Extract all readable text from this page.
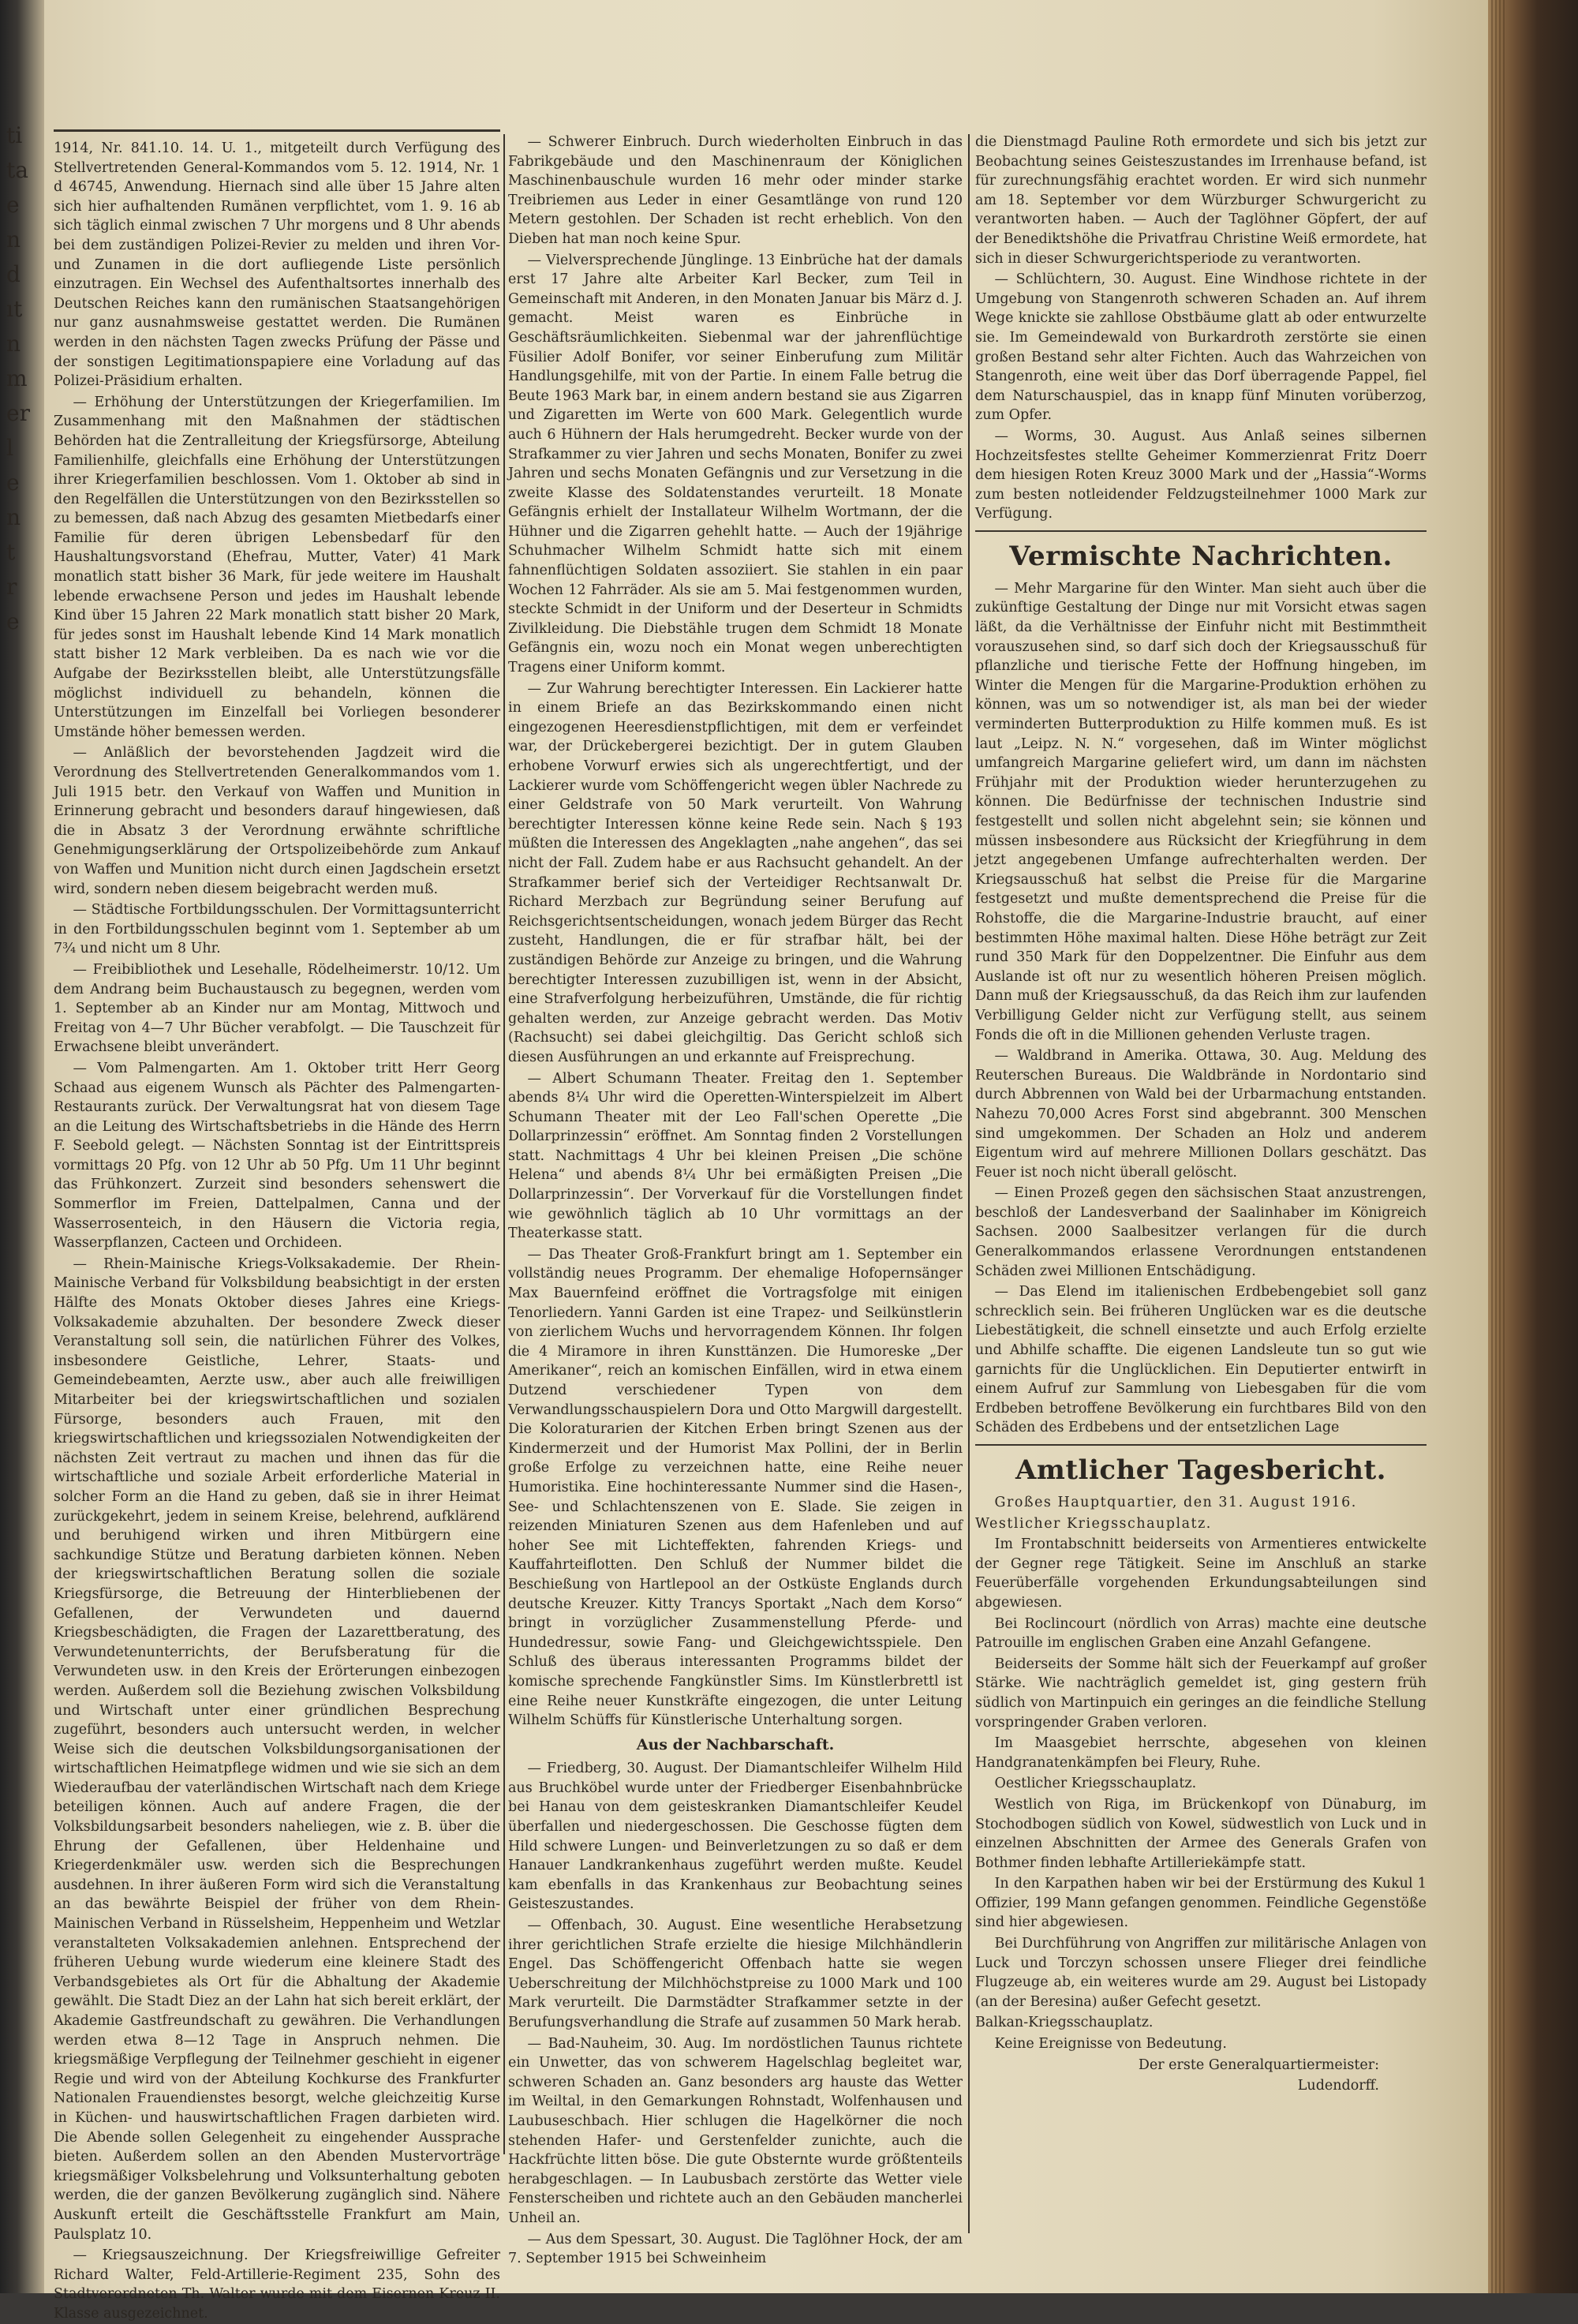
ti
ta
e
n
d
ıt
n
m
er
l
e
n
t
r
e

1914, Nr. 841.10. 14. U. 1., mitgeteilt durch Verfügung des Stellvertretenden General-Kommandos vom 5. 12. 1914, Nr. 1 d 46745, Anwendung. Hiernach sind alle über 15 Jahre alten sich hier aufhaltenden Rumänen verpflichtet, vom 1. 9. 16 ab sich täglich einmal zwischen 7 Uhr morgens und 8 Uhr abends bei dem zuständigen Polizei-Revier zu melden und ihren Vor- und Zunamen in die dort aufliegende Liste persönlich einzutragen. Ein Wechsel des Aufenthaltsortes innerhalb des Deutschen Reiches kann den rumänischen Staatsangehörigen nur ganz ausnahmsweise gestattet werden. Die Rumänen werden in den nächsten Tagen zwecks Prüfung der Pässe und der sonstigen Legitimationspapiere eine Vorladung auf das Polizei-Präsidium erhalten.

— Erhöhung der Unterstützungen der Kriegerfamilien. Im Zusammenhang mit den Maßnahmen der städtischen Behörden hat die Zentralleitung der Kriegsfürsorge, Abteilung Familienhilfe, gleichfalls eine Erhöhung der Unterstützungen ihrer Kriegerfamilien beschlossen. Vom 1. Oktober ab sind in den Regelfällen die Unterstützungen von den Bezirksstellen so zu bemessen, daß nach Abzug des gesamten Mietbedarfs einer Familie für deren übrigen Lebensbedarf für den Haushaltungsvorstand (Ehefrau, Mutter, Vater) 41 Mark monatlich statt bisher 36 Mark, für jede weitere im Haushalt lebende erwachsene Person und jedes im Haushalt lebende Kind über 15 Jahren 22 Mark monatlich statt bisher 20 Mark, für jedes sonst im Haushalt lebende Kind 14 Mark monatlich statt bisher 12 Mark verbleiben. Da es nach wie vor die Aufgabe der Bezirksstellen bleibt, alle Unterstützungsfälle möglichst individuell zu behandeln, können die Unterstützungen im Einzelfall bei Vorliegen besonderer Umstände höher bemessen werden.

— Anläßlich der bevorstehenden Jagdzeit wird die Verordnung des Stellvertretenden Generalkommandos vom 1. Juli 1915 betr. den Verkauf von Waffen und Munition in Erinnerung gebracht und besonders darauf hingewiesen, daß die in Absatz 3 der Verordnung erwähnte schriftliche Genehmigungserklärung der Ortspolizeibehörde zum Ankauf von Waffen und Munition nicht durch einen Jagdschein ersetzt wird, sondern neben diesem beigebracht werden muß.

— Städtische Fortbildungsschulen. Der Vormittagsunterricht in den Fortbildungsschulen beginnt vom 1. September ab um 7¾ und nicht um 8 Uhr.

— Freibibliothek und Lesehalle, Rödelheimerstr. 10/12. Um dem Andrang beim Buchaustausch zu begegnen, werden vom 1. September ab an Kinder nur am Montag, Mittwoch und Freitag von 4—7 Uhr Bücher verabfolgt. — Die Tauschzeit für Erwachsene bleibt unverändert.

— Vom Palmengarten. Am 1. Oktober tritt Herr Georg Schaad aus eigenem Wunsch als Pächter des Palmengarten-Restaurants zurück. Der Verwaltungsrat hat von diesem Tage an die Leitung des Wirtschaftsbetriebs in die Hände des Herrn F. Seebold gelegt. — Nächsten Sonntag ist der Eintrittspreis vormittags 20 Pfg. von 12 Uhr ab 50 Pfg. Um 11 Uhr beginnt das Frühkonzert. Zurzeit sind besonders sehenswert die Sommerflor im Freien, Dattelpalmen, Canna und der Wasserrosenteich, in den Häusern die Victoria regia, Wasserpflanzen, Cacteen und Orchideen.

— Rhein-Mainische Kriegs-Volksakademie. Der Rhein-Mainische Verband für Volksbildung beabsichtigt in der ersten Hälfte des Monats Oktober dieses Jahres eine Kriegs-Volksakademie abzuhalten. Der besondere Zweck dieser Veranstaltung soll sein, die natürlichen Führer des Volkes, insbesondere Geistliche, Lehrer, Staats- und Gemeindebeamten, Aerzte usw., aber auch alle freiwilligen Mitarbeiter bei der kriegswirtschaftlichen und sozialen Fürsorge, besonders auch Frauen, mit den kriegswirtschaftlichen und kriegssozialen Notwendigkeiten der nächsten Zeit vertraut zu machen und ihnen das für die wirtschaftliche und soziale Arbeit erforderliche Material in solcher Form an die Hand zu geben, daß sie in ihrer Heimat zurückgekehrt, jedem in seinem Kreise, belehrend, aufklärend und beruhigend wirken und ihren Mitbürgern eine sachkundige Stütze und Beratung darbieten können. Neben der kriegswirtschaftlichen Beratung sollen die soziale Kriegsfürsorge, die Betreuung der Hinterbliebenen der Gefallenen, der Verwundeten und dauernd Kriegsbeschädigten, die Fragen der Lazarettberatung, des Verwundetenunterrichts, der Berufsberatung für die Verwundeten usw. in den Kreis der Erörterungen einbezogen werden. Außerdem soll die Beziehung zwischen Volksbildung und Wirtschaft unter einer gründlichen Besprechung zugeführt, besonders auch untersucht werden, in welcher Weise sich die deutschen Volksbildungsorganisationen der wirtschaftlichen Heimatpflege widmen und wie sie sich an dem Wiederaufbau der vaterländischen Wirtschaft nach dem Kriege beteiligen können. Auch auf andere Fragen, die der Volksbildungsarbeit besonders naheliegen, wie z. B. über die Ehrung der Gefallenen, über Heldenhaine und Kriegerdenkmäler usw. werden sich die Besprechungen ausdehnen. In ihrer äußeren Form wird sich die Veranstaltung an das bewährte Beispiel der früher von dem Rhein-Mainischen Verband in Rüsselsheim, Heppenheim und Wetzlar veranstalteten Volksakademien anlehnen. Entsprechend der früheren Uebung wurde wiederum eine kleinere Stadt des Verbandsgebietes als Ort für die Abhaltung der Akademie gewählt. Die Stadt Diez an der Lahn hat sich bereit erklärt, der Akademie Gastfreundschaft zu gewähren. Die Verhandlungen werden etwa 8—12 Tage in Anspruch nehmen. Die kriegsmäßige Verpflegung der Teilnehmer geschieht in eigener Regie und wird von der Abteilung Kochkurse des Frankfurter Nationalen Frauendienstes besorgt, welche gleichzeitig Kurse in Küchen- und hauswirtschaftlichen Fragen darbieten wird. Die Abende sollen Gelegenheit zu eingehender Aussprache bieten. Außerdem sollen an den Abenden Mustervorträge kriegsmäßiger Volksbelehrung und Volksunterhaltung geboten werden, die der ganzen Bevölkerung zugänglich sind. Nähere Auskunft erteilt die Geschäftsstelle Frankfurt am Main, Paulsplatz 10.

— Kriegsauszeichnung. Der Kriegsfreiwillige Gefreiter Richard Walter, Feld-Artillerie-Regiment 235, Sohn des Stadtverordneten Th. Walter wurde mit dem Eisernen Kreuz II. Klasse ausgezeichnet.

— Schwerer Einbruch. Durch wiederholten Einbruch in das Fabrikgebäude und den Maschinenraum der Königlichen Maschinenbauschule wurden 16 mehr oder minder starke Treibriemen aus Leder in einer Gesamtlänge von rund 120 Metern gestohlen. Der Schaden ist recht erheblich. Von den Dieben hat man noch keine Spur.

— Vielversprechende Jünglinge. 13 Einbrüche hat der damals erst 17 Jahre alte Arbeiter Karl Becker, zum Teil in Gemeinschaft mit Anderen, in den Monaten Januar bis März d. J. gemacht. Meist waren es Einbrüche in Geschäftsräumlichkeiten. Siebenmal war der jahrenflüchtige Füsilier Adolf Bonifer, vor seiner Einberufung zum Militär Handlungsgehilfe, mit von der Partie. In einem Falle betrug die Beute 1963 Mark bar, in einem andern bestand sie aus Zigarren und Zigaretten im Werte von 600 Mark. Gelegentlich wurde auch 6 Hühnern der Hals herumgedreht. Becker wurde von der Strafkammer zu vier Jahren und sechs Monaten, Bonifer zu zwei Jahren und sechs Monaten Gefängnis und zur Versetzung in die zweite Klasse des Soldatenstandes verurteilt. 18 Monate Gefängnis erhielt der Installateur Wilhelm Wortmann, der die Hühner und die Zigarren gehehlt hatte. — Auch der 19jährige Schuhmacher Wilhelm Schmidt hatte sich mit einem fahnenflüchtigen Soldaten assoziiert. Sie stahlen in ein paar Wochen 12 Fahrräder. Als sie am 5. Mai festgenommen wurden, steckte Schmidt in der Uniform und der Deserteur in Schmidts Zivilkleidung. Die Diebstähle trugen dem Schmidt 18 Monate Gefängnis ein, wozu noch ein Monat wegen unberechtigten Tragens einer Uniform kommt.

— Zur Wahrung berechtigter Interessen. Ein Lackierer hatte in einem Briefe an das Bezirkskommando einen nicht eingezogenen Heeresdienstpflichtigen, mit dem er verfeindet war, der Drückebergerei bezichtigt. Der in gutem Glauben erhobene Vorwurf erwies sich als ungerechtfertigt, und der Lackierer wurde vom Schöffengericht wegen übler Nachrede zu einer Geldstrafe von 50 Mark verurteilt. Von Wahrung berechtigter Interessen könne keine Rede sein. Nach § 193 müßten die Interessen des Angeklagten „nahe angehen“, das sei nicht der Fall. Zudem habe er aus Rachsucht gehandelt. An der Strafkammer berief sich der Verteidiger Rechtsanwalt Dr. Richard Merzbach zur Begründung seiner Berufung auf Reichsgerichtsentscheidungen, wonach jedem Bürger das Recht zusteht, Handlungen, die er für strafbar hält, bei der zuständigen Behörde zur Anzeige zu bringen, und die Wahrung berechtigter Interessen zuzubilligen ist, wenn in der Absicht, eine Strafverfolgung herbeizuführen, Umstände, die für richtig gehalten werden, zur Anzeige gebracht werden. Das Motiv (Rachsucht) sei dabei gleichgiltig. Das Gericht schloß sich diesen Ausführungen an und erkannte auf Freisprechung.

— Albert Schumann Theater. Freitag den 1. September abends 8¼ Uhr wird die Operetten-Winterspielzeit im Albert Schumann Theater mit der Leo Fall'schen Operette „Die Dollarprinzessin“ eröffnet. Am Sonntag finden 2 Vorstellungen statt. Nachmittags 4 Uhr bei kleinen Preisen „Die schöne Helena“ und abends 8¼ Uhr bei ermäßigten Preisen „Die Dollarprinzessin“. Der Vorverkauf für die Vorstellungen findet wie gewöhnlich täglich ab 10 Uhr vormittags an der Theaterkasse statt.

— Das Theater Groß-Frankfurt bringt am 1. September ein vollständig neues Programm. Der ehemalige Hofopernsänger Max Bauernfeind eröffnet die Vortragsfolge mit einigen Tenorliedern. Yanni Garden ist eine Trapez- und Seilkünstlerin von zierlichem Wuchs und hervorragendem Können. Ihr folgen die 4 Miramore in ihren Kunsttänzen. Die Humoreske „Der Amerikaner“, reich an komischen Einfällen, wird in etwa einem Dutzend verschiedener Typen von dem Verwandlungsschauspielern Dora und Otto Margwill dargestellt. Die Koloraturarien der Kitchen Erben bringt Szenen aus der Kindermerzeit und der Humorist Max Pollini, der in Berlin große Erfolge zu verzeichnen hatte, eine Reihe neuer Humoristika. Eine hochinteressante Nummer sind die Hasen-, See- und Schlachtenszenen von E. Slade. Sie zeigen in reizenden Miniaturen Szenen aus dem Hafenleben und auf hoher See mit Lichteffekten, fahrenden Kriegs- und Kauffahrteiflotten. Den Schluß der Nummer bildet die Beschießung von Hartlepool an der Ostküste Englands durch deutsche Kreuzer. Kitty Trancys Sportakt „Nach dem Korso“ bringt in vorzüglicher Zusammenstellung Pferde- und Hundedressur, sowie Fang- und Gleichgewichtsspiele. Den Schluß des überaus interessanten Programms bildet der komische sprechende Fangkünstler Sims. Im Künstlerbrettl ist eine Reihe neuer Kunstkräfte eingezogen, die unter Leitung Wilhelm Schüffs für Künstlerische Unterhaltung sorgen.

Aus der Nachbarschaft.

— Friedberg, 30. August. Der Diamantschleifer Wilhelm Hild aus Bruchköbel wurde unter der Friedberger Eisenbahnbrücke bei Hanau von dem geisteskranken Diamantschleifer Keudel überfallen und niedergeschossen. Die Geschosse fügten dem Hild schwere Lungen- und Beinverletzungen zu so daß er dem Hanauer Landkrankenhaus zugeführt werden mußte. Keudel kam ebenfalls in das Krankenhaus zur Beobachtung seines Geisteszustandes.

— Offenbach, 30. August. Eine wesentliche Herabsetzung ihrer gerichtlichen Strafe erzielte die hiesige Milchhändlerin Engel. Das Schöffengericht Offenbach hatte sie wegen Ueberschreitung der Milchhöchstpreise zu 1000 Mark und 100 Mark verurteilt. Die Darmstädter Strafkammer setzte in der Berufungsverhandlung die Strafe auf zusammen 50 Mark herab.

— Bad-Nauheim, 30. Aug. Im nordöstlichen Taunus richtete ein Unwetter, das von schwerem Hagelschlag begleitet war, schweren Schaden an. Ganz besonders arg hauste das Wetter im Weiltal, in den Gemarkungen Rohnstadt, Wolfenhausen und Laubuseschbach. Hier schlugen die Hagelkörner die noch stehenden Hafer- und Gerstenfelder zunichte, auch die Hackfrüchte litten böse. Die gute Obsternte wurde größtenteils herabgeschlagen. — In Laubusbach zerstörte das Wetter viele Fensterscheiben und richtete auch an den Gebäuden mancherlei Unheil an.

— Aus dem Spessart, 30. August. Die Taglöhner Hock, der am 7. September 1915 bei Schweinheim

die Dienstmagd Pauline Roth ermordete und sich bis jetzt zur Beobachtung seines Geisteszustandes im Irrenhause befand, ist für zurechnungsfähig erachtet worden. Er wird sich nunmehr am 18. September vor dem Würzburger Schwurgericht zu verantworten haben. — Auch der Taglöhner Göpfert, der auf der Benediktshöhe die Privatfrau Christine Weiß ermordete, hat sich in dieser Schwurgerichtsperiode zu verantworten.

— Schlüchtern, 30. August. Eine Windhose richtete in der Umgebung von Stangenroth schweren Schaden an. Auf ihrem Wege knickte sie zahllose Obstbäume glatt ab oder entwurzelte sie. Im Gemeindewald von Burkardroth zerstörte sie einen großen Bestand sehr alter Fichten. Auch das Wahrzeichen von Stangenroth, eine weit über das Dorf überragende Pappel, fiel dem Naturschauspiel, das in knapp fünf Minuten vorüberzog, zum Opfer.

— Worms, 30. August. Aus Anlaß seines silbernen Hochzeitsfestes stellte Geheimer Kommerzienrat Fritz Doerr dem hiesigen Roten Kreuz 3000 Mark und der „Hassia“-Worms zum besten notleidender Feldzugsteilnehmer 1000 Mark zur Verfügung.

Vermischte Nachrichten.

— Mehr Margarine für den Winter. Man sieht auch über die zukünftige Gestaltung der Dinge nur mit Vorsicht etwas sagen läßt, da die Verhältnisse der Einfuhr nicht mit Bestimmtheit vorauszusehen sind, so darf sich doch der Kriegsausschuß für pflanzliche und tierische Fette der Hoffnung hingeben, im Winter die Mengen für die Margarine-Produktion erhöhen zu können, was um so notwendiger ist, als man bei der wieder verminderten Butterproduktion zu Hilfe kommen muß. Es ist laut „Leipz. N. N.“ vorgesehen, daß im Winter möglichst umfangreich Margarine geliefert wird, um dann im nächsten Frühjahr mit der Produktion wieder herunterzugehen zu können. Die Bedürfnisse der technischen Industrie sind festgestellt und sollen nicht abgelehnt sein; sie können und müssen insbesondere aus Rücksicht der Kriegführung in dem jetzt angegebenen Umfange aufrechterhalten werden. Der Kriegsausschuß hat selbst die Preise für die Margarine festgesetzt und mußte dementsprechend die Preise für die Rohstoffe, die die Margarine-Industrie braucht, auf einer bestimmten Höhe maximal halten. Diese Höhe beträgt zur Zeit rund 350 Mark für den Doppelzentner. Die Einfuhr aus dem Auslande ist oft nur zu wesentlich höheren Preisen möglich. Dann muß der Kriegsausschuß, da das Reich ihm zur laufenden Verbilligung Gelder nicht zur Verfügung stellt, aus seinem Fonds die oft in die Millionen gehenden Verluste tragen.

— Waldbrand in Amerika. Ottawa, 30. Aug. Meldung des Reuterschen Bureaus. Die Waldbrände in Nordontario sind durch Abbrennen von Wald bei der Urbarmachung entstanden. Nahezu 70,000 Acres Forst sind abgebrannt. 300 Menschen sind umgekommen. Der Schaden an Holz und anderem Eigentum wird auf mehrere Millionen Dollars geschätzt. Das Feuer ist noch nicht überall gelöscht.

— Einen Prozeß gegen den sächsischen Staat anzustrengen, beschloß der Landesverband der Saalinhaber im Königreich Sachsen. 2000 Saalbesitzer verlangen für die durch Generalkommandos erlassene Verordnungen entstandenen Schäden zwei Millionen Entschädigung.

— Das Elend im italienischen Erdbebengebiet soll ganz schrecklich sein. Bei früheren Unglücken war es die deutsche Liebestätigkeit, die schnell einsetzte und auch Erfolg erzielte und Abhilfe schaffte. Die eigenen Landsleute tun so gut wie garnichts für die Unglücklichen. Ein Deputierter entwirft in einem Aufruf zur Sammlung von Liebesgaben für die vom Erdbeben betroffene Bevölkerung ein furchtbares Bild von den Schäden des Erdbebens und der entsetzlichen Lage

Amtlicher Tagesbericht.

Großes Hauptquartier, den 31. August 1916.

Westlicher Kriegsschauplatz.

Im Frontabschnitt beiderseits von Armentieres entwickelte der Gegner rege Tätigkeit. Seine im Anschluß an starke Feuerüberfälle vorgehenden Erkundungsabteilungen sind abgewiesen.

Bei Roclincourt (nördlich von Arras) machte eine deutsche Patrouille im englischen Graben eine Anzahl Gefangene.

Beiderseits der Somme hält sich der Feuerkampf auf großer Stärke. Wie nachträglich gemeldet ist, ging gestern früh südlich von Martinpuich ein geringes an die feindliche Stellung vorspringender Graben verloren.

Im Maasgebiet herrschte, abgesehen von kleinen Handgranatenkämpfen bei Fleury, Ruhe.

Oestlicher Kriegsschauplatz.

Westlich von Riga, im Brückenkopf von Dünaburg, im Stochodbogen südlich von Kowel, südwestlich von Luck und in einzelnen Abschnitten der Armee des Generals Grafen von Bothmer finden lebhafte Artilleriekämpfe statt.

In den Karpathen haben wir bei der Erstürmung des Kukul 1 Offizier, 199 Mann gefangen genommen. Feindliche Gegenstöße sind hier abgewiesen.

Bei Durchführung von Angriffen zur militärische Anlagen von Luck und Torczyn schossen unsere Flieger drei feindliche Flugzeuge ab, ein weiteres wurde am 29. August bei Listopady (an der Beresina) außer Gefecht gesetzt.

Balkan-Kriegsschauplatz.

Keine Ereignisse von Bedeutung.

Der erste Generalquartiermeister:

Ludendorff.
